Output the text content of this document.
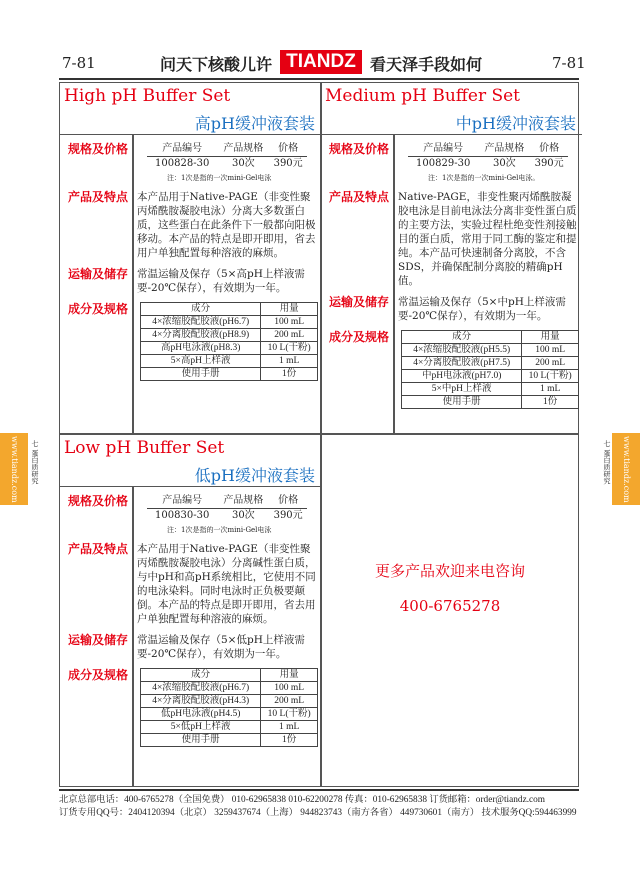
7-81	问天下核酸儿许 TIANDZ 看天泽手段如何	7-81
High pH Buffer Set
高pH缓冲液套装
规格及价格	产品编号	产品规格	价格
100828-30	30次	390元
注：1次是指的一次mini-Gel电泳
产品及特点 本产品用于Native-PAGE（非变性聚丙烯酰胺凝胶电泳）分离大多数蛋白质，这些蛋白在此条件下一般都向阳极移动。本产品的特点是即开即用，省去用户单独配置每种溶液的麻烦。
运输及储存 常温运输及保存（5×高pH上样液需要-20℃保存），有效期为一年。
成分及规格	成分	用量
4×浓缩胶配胶液(pH6.7)	100 mL
4×分离胶配胶液(pH8.9)	200 mL
高pH电泳液(pH8.3)	10 L(干粉)
5×高pH上样液	1 mL
使用手册	1份
Medium pH Buffer Set
中pH缓冲液套装
规格及价格	产品编号	产品规格	价格
100829-30	30次	390元
注：1次是指的一次mini-Gel电泳。
产品及特点 Native-PAGE，非变性聚丙烯酰胺凝胶电泳是目前电泳法分离非变性蛋白质的主要方法，实验过程杜绝变性剂接触目的蛋白质，常用于同工酶的鉴定和提纯。本产品可快速制备分离胶，不含SDS，并确保配制分离胶的精确pH值。
运输及储存 常温运输及保存（5×中pH上样液需要-20℃保存），有效期为一年。
成分及规格	成分	用量
4×浓缩胶配胶液(pH5.5)	100 mL
4×分离胶配胶液(pH7.5)	200 mL
中pH电泳液(pH7.0)	10 L(干粉)
5×中pH上样液	1 mL
使用手册	1份
Low pH Buffer Set
低pH缓冲液套装
规格及价格	产品编号	产品规格	价格
100830-30	30次	390元
注：1次是指的一次mini-Gel电泳
产品及特点 本产品用于Native-PAGE（非变性聚丙烯酰胺凝胶电泳）分离碱性蛋白质，与中pH和高pH系统相比，它使用不同的电泳染料。同时电泳时正负极要颠倒。本产品的特点是即开即用，省去用户单独配置每种溶液的麻烦。
运输及储存 常温运输及保存（5×低pH上样液需要-20℃保存），有效期为一年。
成分及规格	成分	用量
4×浓缩胶配胶液(pH6.7)	100 mL
4×分离胶配胶液(pH4.3)	200 mL
低pH电泳液(pH4.5)	10 L(干粉)
5×低pH上样液	1 mL
使用手册	1份
更多产品欢迎来电咨询
400-6765278
www.tiandz.com	七 蛋白质研究	www.tiandz.com
七 蛋白质研究
北京总部电话：400-6765278（全国免费） 010-62965838 010-62200278 传真：010-62965838 订货邮箱：order@tiandz.com
订货专用QQ号：2404120394（北京） 3259437674（上海） 944823743（南方各省） 449730601（南方） 技术服务QQ:594463999
